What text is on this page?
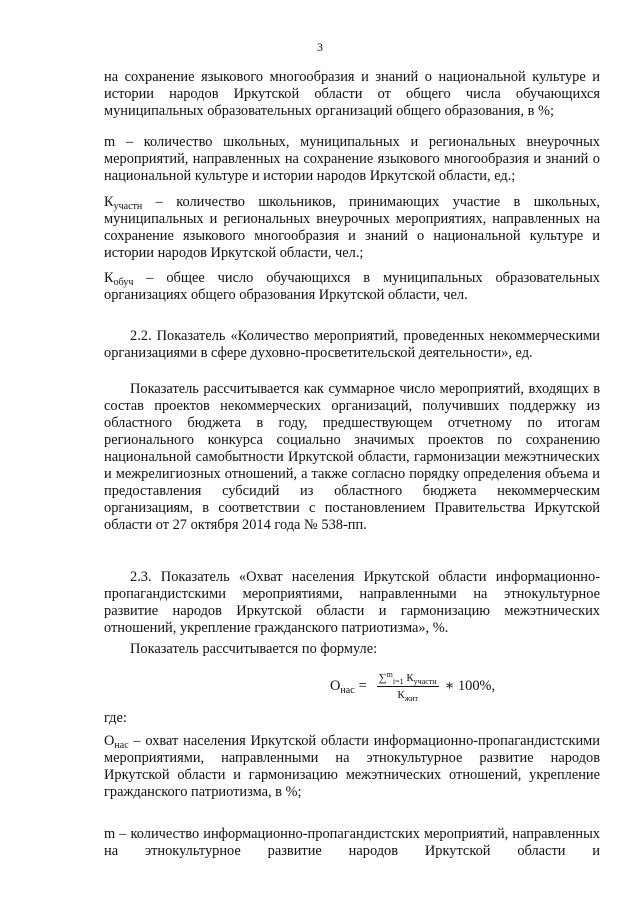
3

на сохранение языкового многообразия и знаний о национальной культуре и истории народов Иркутской области от общего числа обучающихся муниципальных образовательных организаций общего образования, в %;

m – количество школьных, муниципальных и региональных внеурочных мероприятий, направленных на сохранение языкового многообразия и знаний о национальной культуре и истории народов Иркутской области, ед.;

$К_{участн}$ – количество школьников, принимающих участие в школьных, муниципальных и региональных внеурочных мероприятиях, направленных на сохранение языкового многообразия и знаний о национальной культуре и истории народов Иркутской области, чел.;

$К_{обуч}$ – общее число обучающихся в муниципальных образовательных организациях общего образования Иркутской области, чел.

2.2. Показатель «Количество мероприятий, проведенных некоммерческими организациями в сфере духовно-просветительской деятельности», ед.

Показатель рассчитывается как суммарное число мероприятий, входящих в состав проектов некоммерческих организаций, получивших поддержку из областного бюджета в году, предшествующем отчетному по итогам регионального конкурса социально значимых проектов по сохранению национальной самобытности Иркутской области, гармонизации межэтнических и межрелигиозных отношений, а также согласно порядку определения объема и предоставления субсидий из областного бюджета некоммерческим организациям, в соответствии с постановлением Правительства Иркутской области от 27 октября 2014 года № 538-пп.

2.3. Показатель «Охват населения Иркутской области информационно-пропагандистскими мероприятиями, направленными на этнокультурное развитие народов Иркутской области и гармонизацию межэтнических отношений, укрепление гражданского патриотизма», %.

Показатель рассчитывается по формуле:

$О_{нас} = \frac{\sum^m_{i=1} К_{участн}}{К_{жит}}$ ∗ 100%,

где:

$О_{нас}$ – охват населения Иркутской области информационно-пропагандистскими мероприятиями, направленными на этнокультурное развитие народов Иркутской области и гармонизацию межэтнических отношений, укрепление гражданского патриотизма, в %;

m – количество информационно-пропагандистских мероприятий, направленных на этнокультурное развитие народов Иркутской области и
